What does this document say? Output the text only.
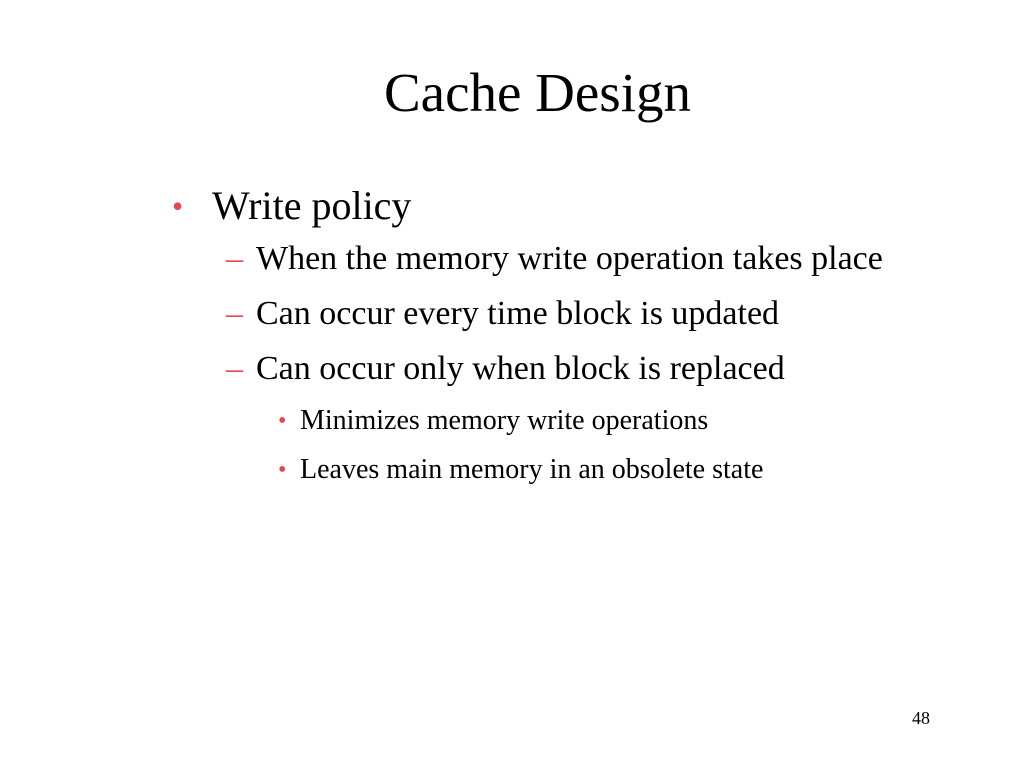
Cache Design
• Write policy
– When the memory write operation takes place
– Can occur every time block is updated
– Can occur only when block is replaced
• Minimizes memory write operations
• Leaves main memory in an obsolete state
48
